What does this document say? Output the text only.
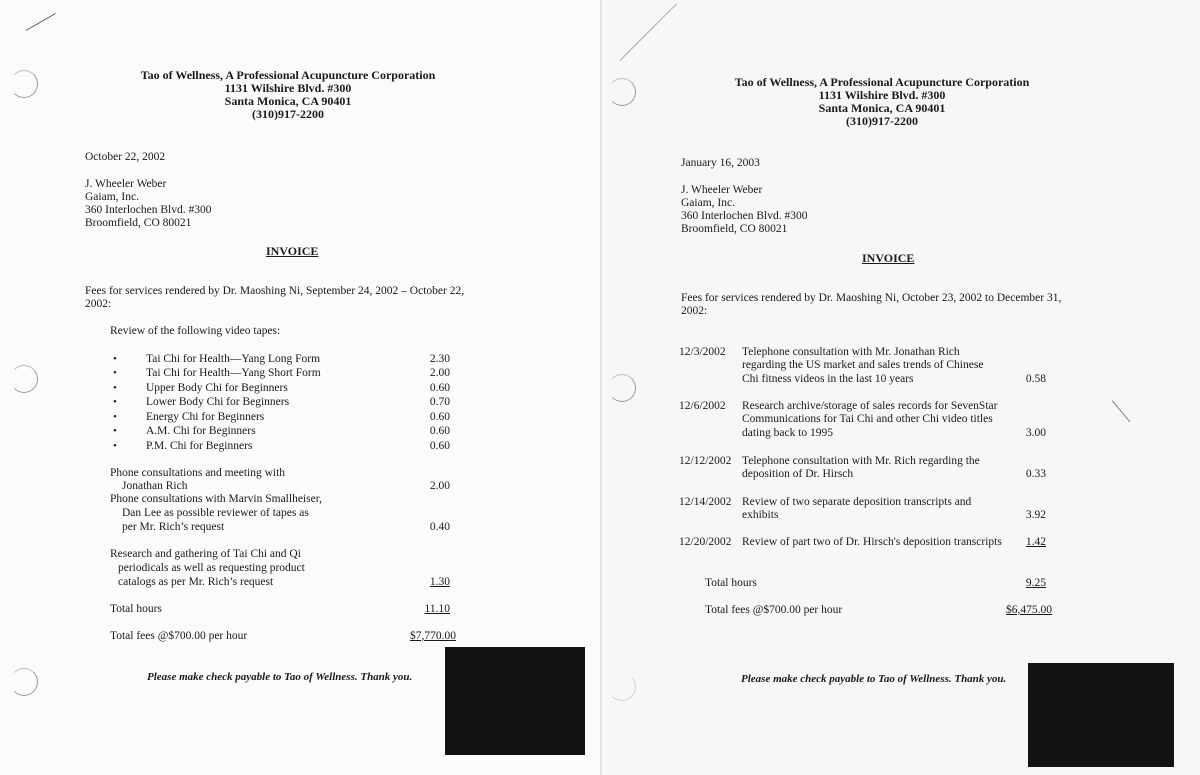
Tao of Wellness, A Professional Acupuncture Corporation
1131 Wilshire Blvd. #300
Santa Monica, CA 90401
(310)917-2200
October 22, 2002
J. Wheeler Weber
Gaiam, Inc.
360 Interlochen Blvd. #300
Broomfield, CO 80021
INVOICE
Fees for services rendered by Dr. Maoshing Ni, September 24, 2002 – October 22,
2002:
Review of the following video tapes:
•	Tai Chi for Health—Yang Long Form	2.30
•	Tai Chi for Health—Yang Short Form	2.00
•	Upper Body Chi for Beginners	0.60
•	Lower Body Chi for Beginners	0.70
•	Energy Chi for Beginners	0.60
•	A.M. Chi for Beginners	0.60
•	P.M. Chi for Beginners	0.60
Phone consultations and meeting with
Jonathan Rich	2.00
Phone consultations with Marvin Smallheiser,
Dan Lee as possible reviewer of tapes as
per Mr. Rich’s request	0.40
Research and gathering of Tai Chi and Qi
periodicals as well as requesting product
catalogs as per Mr. Rich’s request	1.30
Total hours	11.10
Total fees @$700.00 per hour	$7,770.00
Please make check payable to Tao of Wellness. Thank you.
Tao of Wellness, A Professional Acupuncture Corporation
1131 Wilshire Blvd. #300
Santa Monica, CA 90401
(310)917-2200
January 16, 2003
J. Wheeler Weber
Gaiam, Inc.
360 Interlochen Blvd. #300
Broomfield, CO 80021
INVOICE
Fees for services rendered by Dr. Maoshing Ni, October 23, 2002 to December 31,
2002:
12/3/2002 Telephone consultation with Mr. Jonathan Rich
regarding the US market and sales trends of Chinese
Chi fitness videos in the last 10 years	0.58
12/6/2002 Research archive/storage of sales records for SevenStar
Communications for Tai Chi and other Chi video titles
dating back to 1995	3.00
12/12/2002 Telephone consultation with Mr. Rich regarding the
deposition of Dr. Hirsch	0.33
12/14/2002 Review of two separate deposition transcripts and
exhibits	3.92
12/20/2002 Review of part two of Dr. Hirsch's deposition transcripts	1.42
Total hours	9.25
Total fees @$700.00 per hour	$6,475.00
Please make check payable to Tao of Wellness. Thank you.
